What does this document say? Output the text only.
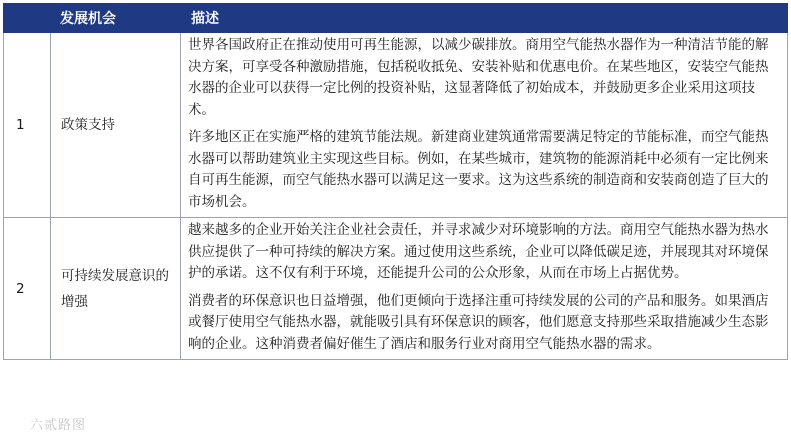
	发展机会	描述
1	政策支持	世界各国政府正在推动使用可再生能源，以减少碳排放。商用空气能热水器作为一种清洁节能的解决方案，可享受各种激励措施，包括税收抵免、安装补贴和优惠电价。在某些地区，安装空气能热水器的企业可以获得一定比例的投资补贴，这显著降低了初始成本，并鼓励更多企业采用这项技术。

许多地区正在实施严格的建筑节能法规。新建商业建筑通常需要满足特定的节能标准，而空气能热水器可以帮助建筑业主实现这些目标。例如，在某些城市，建筑物的能源消耗中必须有一定比例来自可再生能源，而空气能热水器可以满足这一要求。这为这些系统的制造商和安装商创造了巨大的市场机会。

2	可持续发展意识的增强	越来越多的企业开始关注企业社会责任，并寻求减少对环境影响的方法。商用空气能热水器为热水供应提供了一种可持续的解决方案。通过使用这些系统，企业可以降低碳足迹，并展现其对环境保护的承诺。这不仅有利于环境，还能提升公司的公众形象，从而在市场上占据优势。

消费者的环保意识也日益增强，他们更倾向于选择注重可持续发展的公司的产品和服务。如果酒店或餐厅使用空气能热水器，就能吸引具有环保意识的顾客，他们愿意支持那些采取措施减少生态影响的企业。这种消费者偏好催生了酒店和服务行业对商用空气能热水器的需求。

六贰路图
